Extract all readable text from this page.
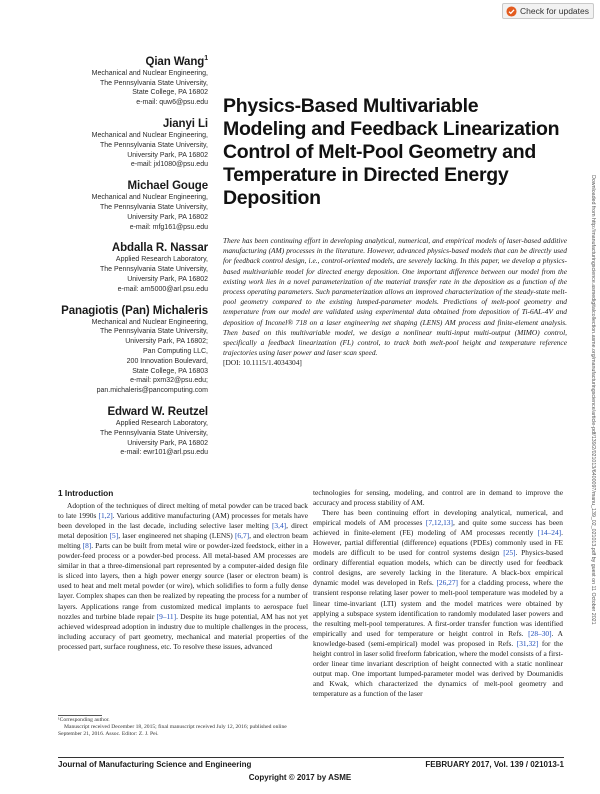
Check for updates
Qian Wang$^1$
Mechanical and Nuclear Engineering,
The Pennsylvania State University,
State College, PA 16802
e-mail: quw6@psu.edu
Jianyi Li
Mechanical and Nuclear Engineering,
The Pennsylvania State University,
University Park, PA 16802
e-mail: jxl1080@psu.edu
Michael Gouge
Mechanical and Nuclear Engineering,
The Pennsylvania State University,
University Park, PA 16802
e-mail: mfg161@psu.edu
Abdalla R. Nassar
Applied Research Laboratory,
The Pennsylvania State University,
University Park, PA 16802
e-mail: arn5000@arl.psu.edu
Panagiotis (Pan) Michaleris
Mechanical and Nuclear Engineering,
The Pennsylvania State University,
University Park, PA 16802;
Pan Computing LLC,
200 Innovation Boulevard,
State College, PA 16803
e-mail: pxm32@psu.edu;
pan.michaleris@pancomputing.com
Edward W. Reutzel
Applied Research Laboratory,
The Pennsylvania State University,
University Park, PA 16802
e-mail: ewr101@arl.psu.edu
Physics-Based Multivariable Modeling and Feedback Linearization Control of Melt-Pool Geometry and Temperature in Directed Energy Deposition
There has been continuing effort in developing analytical, numerical, and empirical models of laser-based additive manufacturing (AM) processes in the literature. However, advanced physics-based models that can be directly used for feedback control design, i.e., control-oriented models, are severely lacking. In this paper, we develop a physics-based multivariable model for directed energy deposition. One important difference between our model from the existing work lies in a novel parameterization of the material transfer rate in the deposition as a function of the process operating parameters. Such parameterization allows an improved characterization of the steady-state melt-pool geometry compared to the existing lumped-parameter models. Predictions of melt-pool geometry and temperature from our model are validated using experimental data obtained from deposition of Ti-6AL-4V and deposition of Inconel® 718 on a laser engineering net shaping (LENS) AM process and finite-element analysis. Then based on this multivariable model, we design a nonlinear multi-input multi-output (MIMO) control, specifically a feedback linearization (FL) control, to track both melt-pool height and temperature reference trajectories using laser power and laser scan speed.
[DOI: 10.1115/1.4034304]	Downloaded from http://manufacturingscience.asmedigitalcollection.asme.org/manufacturingscience/article-pdf/139/2/021013/6400097/manu_139_02_021013.pdf by guest on 11 October 2021
1 Introduction

Adoption of the techniques of direct melting of metal powder can be traced back to late 1990s [1,2]. Various additive manufacturing (AM) processes for metals have been developed in the last decade, including selective laser melting [3,4], direct metal deposition [5], laser engineered net shaping (LENS) [6,7], and electron beam melting [8]. Parts can be built from metal wire or powder-ized feedstock, either in a powder-feed process or a powder-bed process. All metal-based AM processes are similar in that a three-dimensional part represented by a computer-aided design file is sliced into layers, then a high power energy source (laser or electron beam) is used to heat and melt metal powder (or wire), which solidifies to form a fully dense layer. Complex shapes can then be realized by repeating the process for a number of layers. Applications range from customized medical implants to aerospace fuel nozzles and turbine blade repair [9–11]. Despite its huge potential, AM has not yet achieved widespread adoption in industry due to multiple challenges in the process, including accuracy of part geometry, mechanical and material properties of the processed part, surface roughness, etc. To resolve these issues, advanced

technologies for sensing, modeling, and control are in demand to improve the accuracy and process stability of AM.

There has been continuing effort in developing analytical, numerical, and empirical models of AM processes [7,12,13], and quite some success has been achieved in finite-element (FE) modeling of AM processes recently [14–24]. However, partial differential (difference) equations (PDEs) commonly used in FE models are difficult to be used for control systems design [25]. Physics-based ordinary differential equation models, which can be directly used for feedback control designs, are severely lacking in the literature. A black-box empirical dynamic model was developed in Refs. [26,27] for a cladding process, where the transient response relating laser power to melt-pool temperature was modeled by a linear time-invariant (LTI) system and the model matrices were obtained by applying a subspace system identification to randomly modulated laser powers and the resulting melt-pool temperatures. A first-order transfer function was identified empirically and used for temperature or height control in Refs. [28–30]. A knowledge-based (semi-empirical) model was proposed in Refs. [31,32] for the height control in laser solid freeform fabrication, where the model consists of a first-order linear time invariant description of height connected with a static nonlinear output map. One important lumped-parameter model was derived by Doumanidis and Kwak, which characterized the dynamics of melt-pool geometry and temperature as a function of the laser

¹Corresponding author.
Manuscript received December 18, 2015; final manuscript received July 12, 2016; published online September 21, 2016. Assoc. Editor: Z. J. Pei.
Journal of Manufacturing Science and Engineering	FEBRUARY 2017, Vol. 139 / 021013-1
Copyright © 2017 by ASME
